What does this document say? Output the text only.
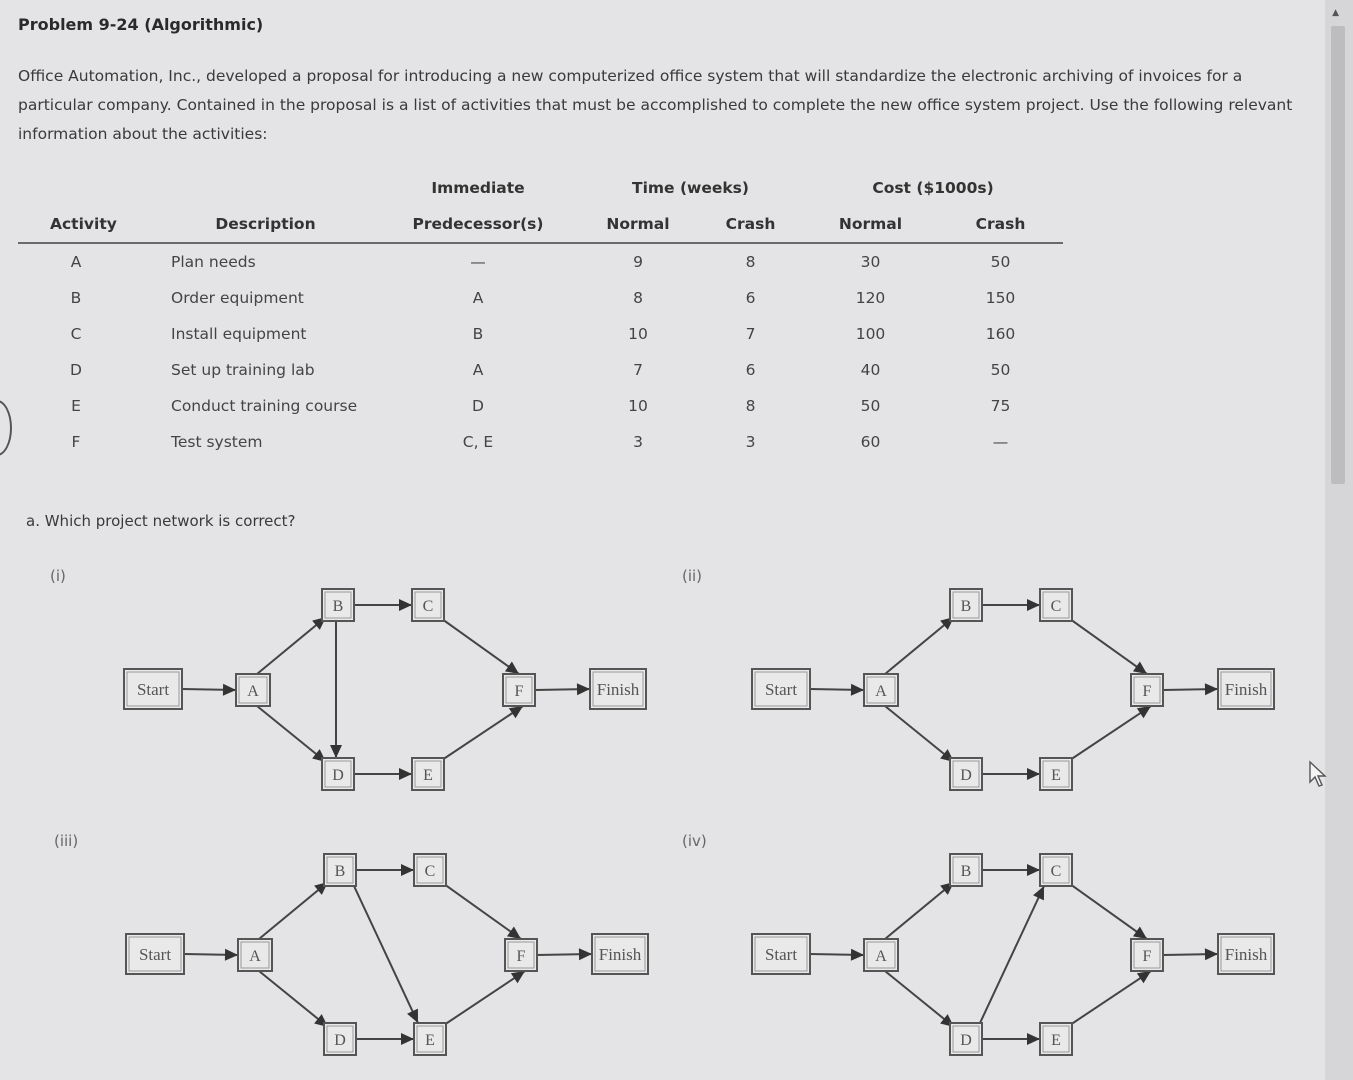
Problem 9-24 (Algorithmic)

Office Automation, Inc., developed a proposal for introducing a new computerized office system that will standardize the electronic archiving of invoices for a particular company. Contained in the proposal is a list of activities that must be accomplished to complete the new office system project. Use the following relevant information about the activities:

		Immediate	Time (weeks)		Cost ($1000s)	
Activity	Description	Predecessor(s)	Normal	Crash	Normal	Crash
A	Plan needs	—	9	8	30	50
B	Order equipment	A	8	6	120	150
C	Install equipment	B	10	7	100	160
D	Set up training lab	A	7	6	40	50
E	Conduct training course	D	10	8	50	75
F	Test system	C, E	3	3	60	—
a. Which project network is correct?
(i)	(ii)
(iii)	(iv)
Start	A
B	C
D	E
F	Finish	Start	A
B	C
D	E
F	Finish
Start	A
B	C
D	E
F	Finish	Start	A
B	C
D	E
F	Finish
▲
